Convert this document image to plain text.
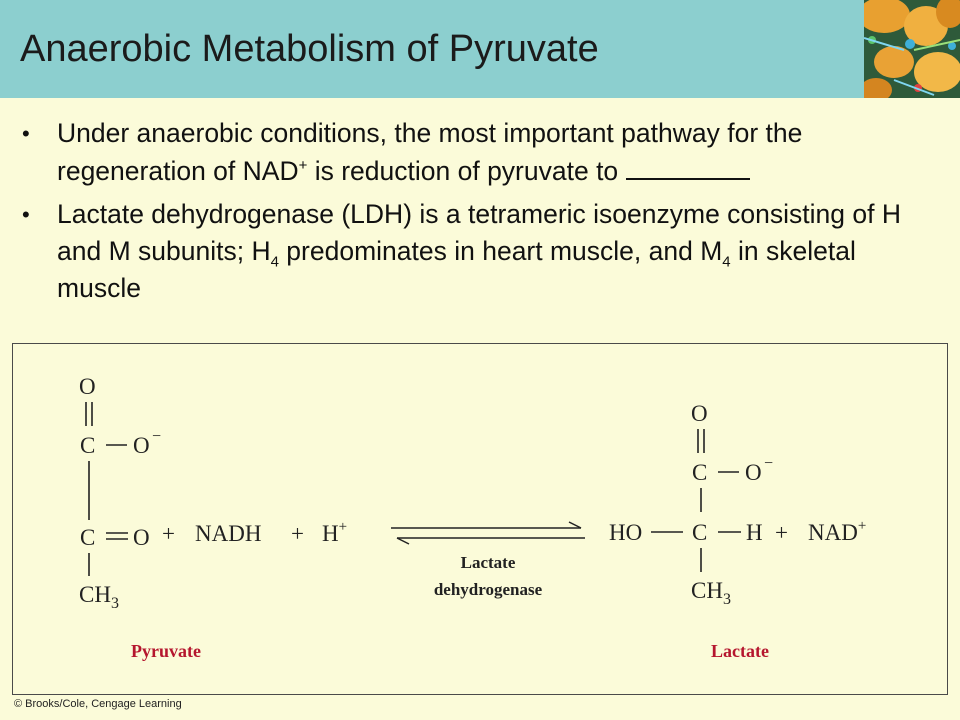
Anaerobic Metabolism of Pyruvate
• Under anaerobic conditions, the most important pathway for the regeneration of NAD+ is reduction of pyruvate to
• Lactate dehydrogenase (LDH) is a tetrameric isoenzyme consisting of H and M subunits; $H_4$ predominates in heart muscle, and $M_4$ in skeletal muscle
O
C O −
C O
$CH_3$
+ NADH + H+
Lactate
dehydrogenase
O
C O −
HO C H
$CH_3$
+ NAD+
Pyruvate	Lactate
© Brooks/Cole, Cengage Learning
